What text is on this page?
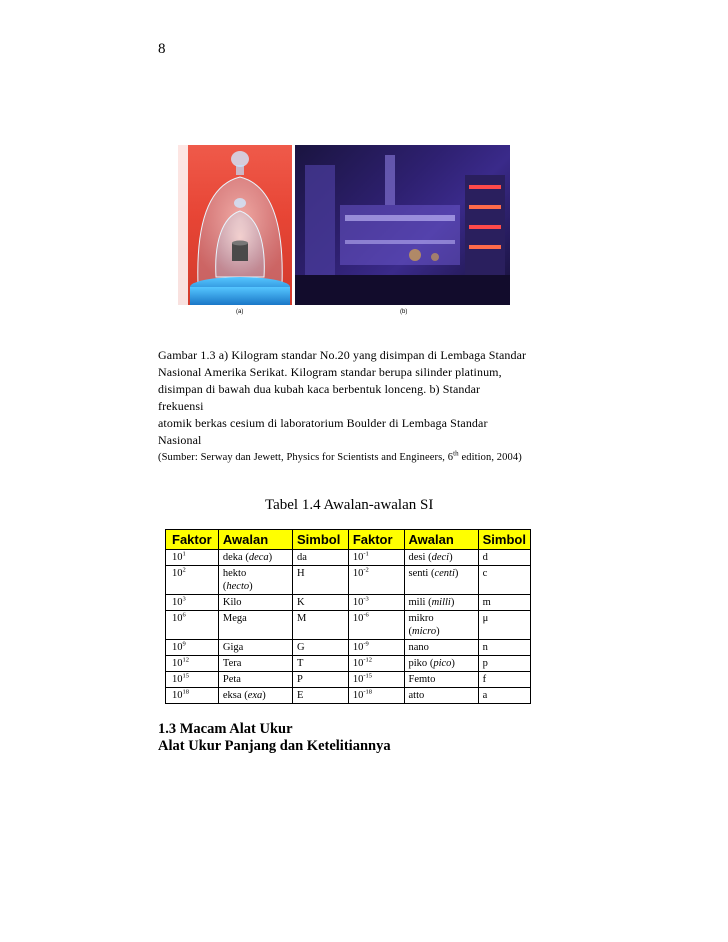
8
(a)	(b)
Gambar 1.3 a) Kilogram standar No.20 yang disimpan di Lembaga Standar
Nasional Amerika Serikat. Kilogram standar berupa silinder platinum,
disimpan di bawah dua kubah kaca berbentuk lonceng. b) Standar frekuensi
atomik berkas cesium di laboratorium Boulder di Lembaga Standar Nasional
(Sumber: Serway dan Jewett, Physics for Scientists and Engineers, 6th edition, 2004)
Tabel 1.4 Awalan-awalan SI
Faktor	Awalan	Simbol	Faktor	Awalan	Simbol
$10^1$	deka (deca)	da	$10^{-1}$	desi (deci)	d
$10^2$	hekto
(hecto)	H	$10^{-2}$	senti (centi)	c
$10^3$	Kilo	K	$10^{-3}$	mili (milli)	m
$10^6$	Mega	M	$10^{-6}$	mikro
(micro)	μ
$10^9$	Giga	G	$10^{-9}$	nano	n
$10^{12}$	Tera	T	$10^{-12}$	piko (pico)	p
$10^{15}$	Peta	P	$10^{-15}$	Femto	f
$10^{18}$	eksa (exa)	E	$10^{-18}$	atto	a
1.3 Macam Alat Ukur
Alat Ukur Panjang dan Ketelitiannya
